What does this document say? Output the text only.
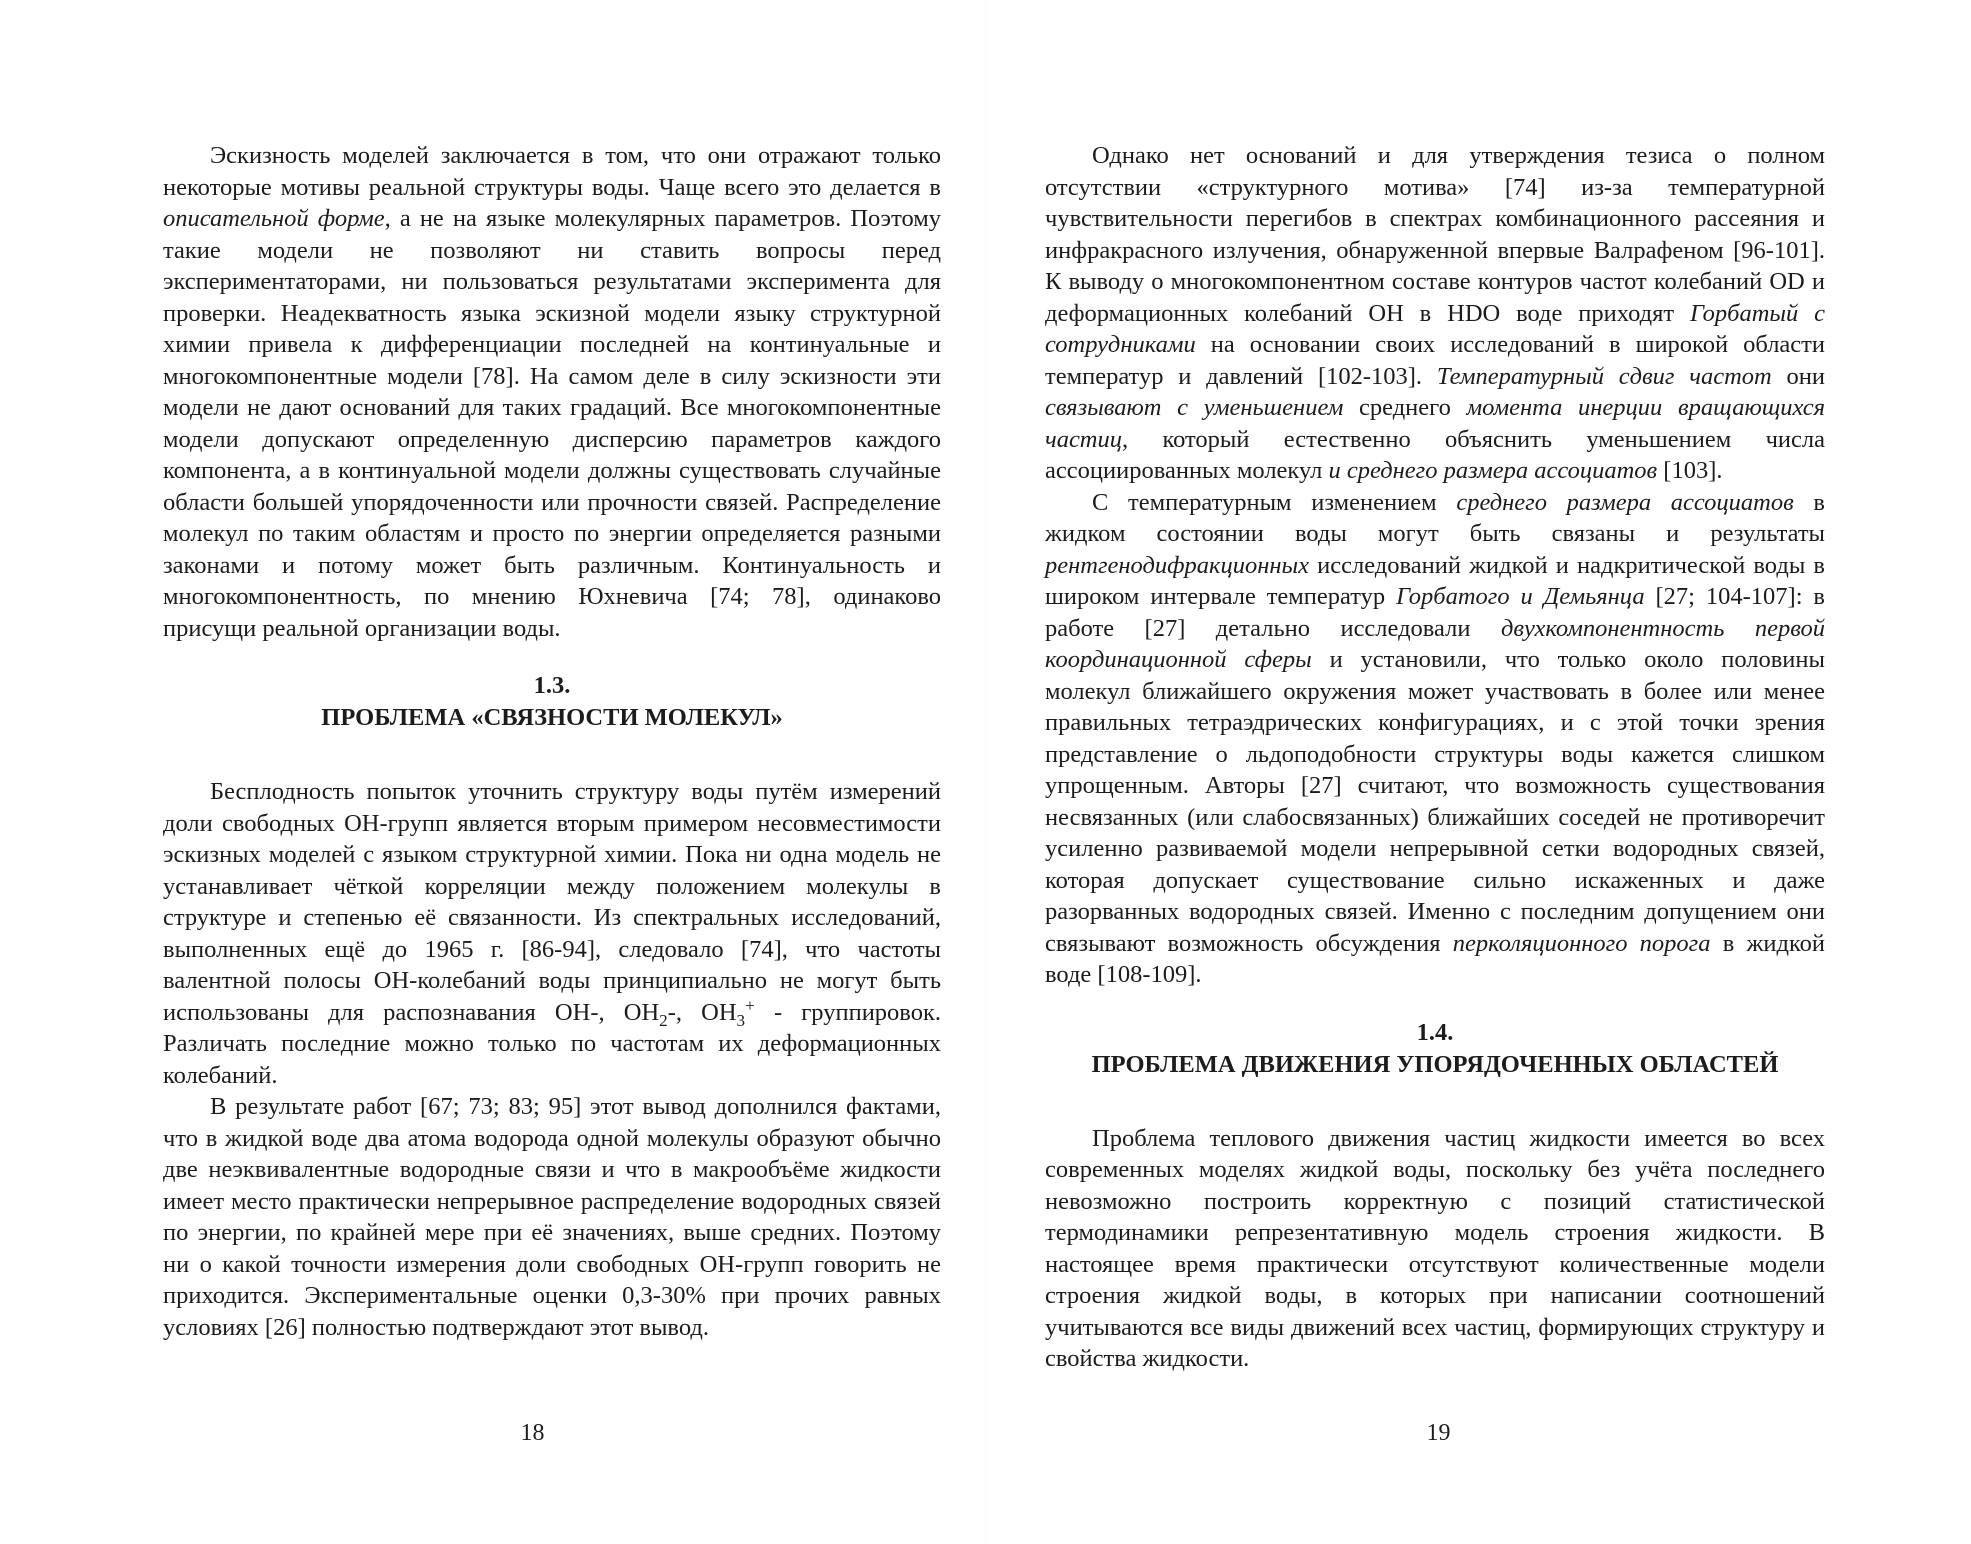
Эскизность моделей заключается в том, что они отражают только некоторые мотивы реальной структуры воды. Чаще всего это делается в описательной форме, а не на языке молекулярных параметров. Поэтому такие модели не позволяют ни ставить вопросы перед экспериментаторами, ни пользоваться результатами эксперимента для проверки. Неадекватность языка эскизной модели языку структурной химии привела к дифференциации последней на континуальные и многокомпонентные модели [78]. На самом деле в силу эскизности эти модели не дают оснований для таких градаций. Все многокомпонентные модели допускают определенную дисперсию параметров каждого компонента, а в континуальной модели должны существовать случайные области большей упорядоченности или прочности связей. Распределение молекул по таким областям и просто по энергии определяется разными законами и потому может быть различным. Континуальность и многокомпонентность, по мнению Юхневича [74; 78], одинаково присущи реальной организации воды.

1.3.
ПРОБЛЕМА «СВЯЗНОСТИ МОЛЕКУЛ»

Бесплодность попыток уточнить структуру воды путём измерений доли свободных ОН-групп является вторым примером несовместимости эскизных моделей с языком структурной химии. Пока ни одна модель не устанавливает чёткой корреляции между положением молекулы в структуре и степенью её связанности. Из спектральных исследований, выполненных ещё до 1965 г. [86-94], следовало [74], что частоты валентной полосы ОН-колебаний воды принципиально не могут быть использованы для распознавания ОН-, $ОН_2-$, $ОН_3^+$ - группировок. Различать последние можно только по частотам их деформационных колебаний.

В результате работ [67; 73; 83; 95] этот вывод дополнился фактами, что в жидкой воде два атома водорода одной молекулы образуют обычно две неэквивалентные водородные связи и что в макрообъёме жидкости имеет место практически непрерывное распределение водородных связей по энергии, по крайней мере при её значениях, выше средних. Поэтому ни о какой точности измерения доли свободных ОН-групп говорить не приходится. Экспериментальные оценки 0,3-30% при прочих равных условиях [26] полностью подтверждают этот вывод.

18

Однако нет оснований и для утверждения тезиса о полном отсутствии «структурного мотива» [74] из-за температурной чувствительности перегибов в спектрах комбинационного рассеяния и инфракрасного излучения, обнаруженной впервые Валрафеном [96-101]. К выводу о многокомпонентном составе контуров частот колебаний OD и деформационных колебаний ОН в HDO воде приходят Горбатый с сотрудниками на основании своих исследований в широкой области температур и давлений [102-103]. Температурный сдвиг частот они связывают с уменьшением среднего момента инерции вращающихся частиц, который естественно объяснить уменьшением числа ассоциированных молекул и среднего размера ассоциатов [103].

С температурным изменением среднего размера ассоциатов в жидком состоянии воды могут быть связаны и результаты рентгенодифракционных исследований жидкой и надкритической воды в широком интервале температур Горбатого и Демьянца [27; 104-107]: в работе [27] детально исследовали двухкомпонентность первой координационной сферы и установили, что только около половины молекул ближайшего окружения может участвовать в более или менее правильных тетраэдрических конфигурациях, и с этой точки зрения представление о льдоподобности структуры воды кажется слишком упрощенным. Авторы [27] считают, что возможность существования несвязанных (или слабосвязанных) ближайших соседей не противоречит усиленно развиваемой модели непрерывной сетки водородных связей, которая допускает существование сильно искаженных и даже разорванных водородных связей. Именно с последним допущением они связывают возможность обсуждения перколяционного порога в жидкой воде [108-109].

1.4.
ПРОБЛЕМА ДВИЖЕНИЯ УПОРЯДОЧЕННЫХ ОБЛАСТЕЙ

Проблема теплового движения частиц жидкости имеется во всех современных моделях жидкой воды, поскольку без учёта последнего невозможно построить корректную с позиций статистической термодинамики репрезентативную модель строения жидкости. В настоящее время практически отсутствуют количественные модели строения жидкой воды, в которых при написании соотношений учитываются все виды движений всех частиц, формирующих структуру и свойства жидкости.

19
